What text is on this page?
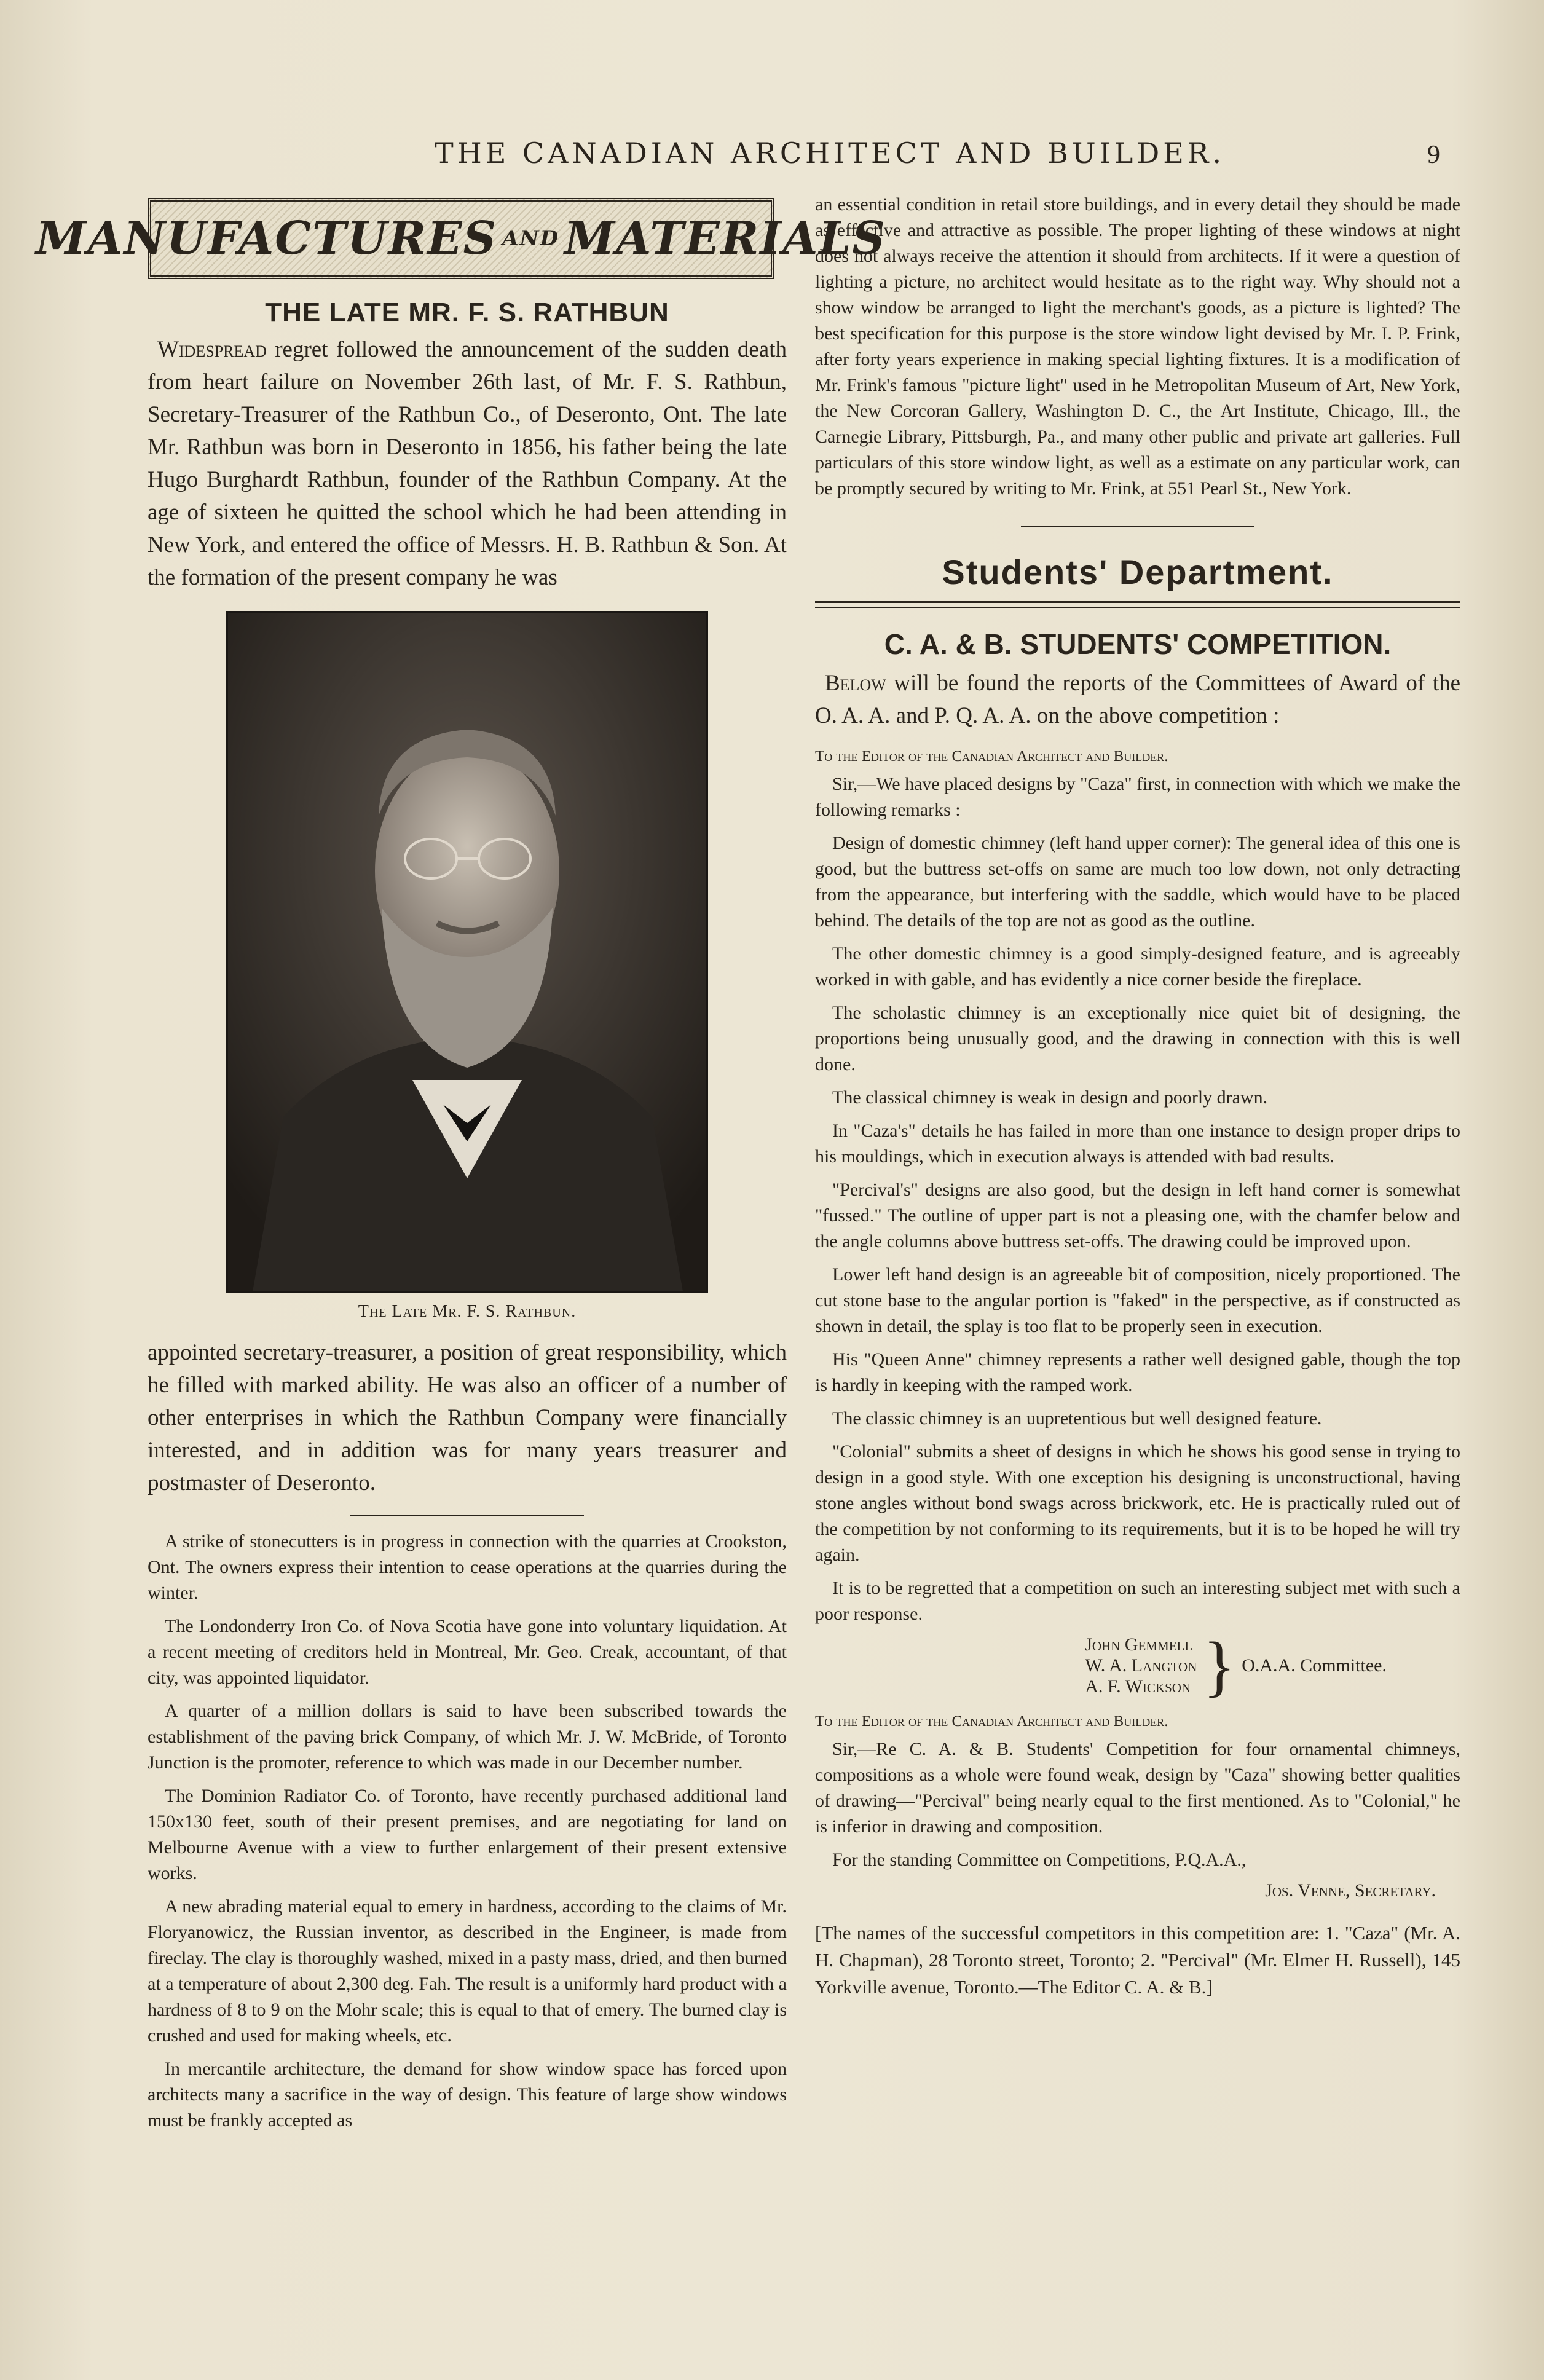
THE CANADIAN ARCHITECT AND BUILDER.	9
MANUFACTURES AND MATERIALS
THE LATE MR. F. S. RATHBUN

Widespread regret followed the announcement of the sudden death from heart failure on November 26th last, of Mr. F. S. Rathbun, Secretary-Treasurer of the Rathbun Co., of Deseronto, Ont. The late Mr. Rathbun was born in Deseronto in 1856, his father being the late Hugo Burghardt Rathbun, founder of the Rathbun Company. At the age of sixteen he quitted the school which he had been attending in New York, and entered the office of Messrs. H. B. Rathbun & Son. At the formation of the present company he was

The Late Mr. F. S. Rathbun.

appointed secretary-treasurer, a position of great responsibility, which he filled with marked ability. He was also an officer of a number of other enterprises in which the Rathbun Company were financially interested, and in addition was for many years treasurer and postmaster of Deseronto.

A strike of stonecutters is in progress in connection with the quarries at Crookston, Ont. The owners express their intention to cease operations at the quarries during the winter.

The Londonderry Iron Co. of Nova Scotia have gone into voluntary liquidation. At a recent meeting of creditors held in Montreal, Mr. Geo. Creak, accountant, of that city, was appointed liquidator.

A quarter of a million dollars is said to have been subscribed towards the establishment of the paving brick Company, of which Mr. J. W. McBride, of Toronto Junction is the promoter, reference to which was made in our December number.

The Dominion Radiator Co. of Toronto, have recently purchased additional land 150x130 feet, south of their present premises, and are negotiating for land on Melbourne Avenue with a view to further enlargement of their present extensive works.

A new abrading material equal to emery in hardness, according to the claims of Mr. Floryanowicz, the Russian inventor, as described in the Engineer, is made from fireclay. The clay is thoroughly washed, mixed in a pasty mass, dried, and then burned at a temperature of about 2,300 deg. Fah. The result is a uniformly hard product with a hardness of 8 to 9 on the Mohr scale; this is equal to that of emery. The burned clay is crushed and used for making wheels, etc.

In mercantile architecture, the demand for show window space has forced upon architects many a sacrifice in the way of design. This feature of large show windows must be frankly accepted as

an essential condition in retail store buildings, and in every detail they should be made as effective and attractive as possible. The proper lighting of these windows at night does not always receive the attention it should from architects. If it were a question of lighting a picture, no architect would hesitate as to the right way. Why should not a show window be arranged to light the merchant's goods, as a picture is lighted? The best specification for this purpose is the store window light devised by Mr. I. P. Frink, after forty years experience in making special lighting fixtures. It is a modification of Mr. Frink's famous "picture light" used in he Metropolitan Museum of Art, New York, the New Corcoran Gallery, Washington D. C., the Art Institute, Chicago, Ill., the Carnegie Library, Pittsburgh, Pa., and many other public and private art galleries. Full particulars of this store window light, as well as a estimate on any particular work, can be promptly secured by writing to Mr. Frink, at 551 Pearl St., New York.

Students' Department.
C. A. & B. STUDENTS' COMPETITION.

Below will be found the reports of the Committees of Award of the O. A. A. and P. Q. A. A. on the above competition :

To the Editor of the Canadian Architect and Builder.

Sir,—We have placed designs by "Caza" first, in connection with which we make the following remarks :

Design of domestic chimney (left hand upper corner): The general idea of this one is good, but the buttress set-offs on same are much too low down, not only detracting from the appearance, but interfering with the saddle, which would have to be placed behind. The details of the top are not as good as the outline.

The other domestic chimney is a good simply-designed feature, and is agreeably worked in with gable, and has evidently a nice corner beside the fireplace.

The scholastic chimney is an exceptionally nice quiet bit of designing, the proportions being unusually good, and the drawing in connection with this is well done.

The classical chimney is weak in design and poorly drawn.

In "Caza's" details he has failed in more than one instance to design proper drips to his mouldings, which in execution always is attended with bad results.

"Percival's" designs are also good, but the design in left hand corner is somewhat "fussed." The outline of upper part is not a pleasing one, with the chamfer below and the angle columns above buttress set-offs. The drawing could be improved upon.

Lower left hand design is an agreeable bit of composition, nicely proportioned. The cut stone base to the angular portion is "faked" in the perspective, as if constructed as shown in detail, the splay is too flat to be properly seen in execution.

His "Queen Anne" chimney represents a rather well designed gable, though the top is hardly in keeping with the ramped work.

The classic chimney is an uupretentious but well designed feature.

"Colonial" submits a sheet of designs in which he shows his good sense in trying to design in a good style. With one exception his designing is unconstructional, having stone angles without bond swags across brickwork, etc. He is practically ruled out of the competition by not conforming to its requirements, but it is to be hoped he will try again.

It is to be regretted that a competition on such an interesting subject met with such a poor response.

John Gemmell
W. A. Langton
A. F. Wickson } O.A.A. Committee.
To the Editor of the Canadian Architect and Builder.

Sir,—Re C. A. & B. Students' Competition for four ornamental chimneys, compositions as a whole were found weak, design by "Caza" showing better qualities of drawing—"Percival" being nearly equal to the first mentioned. As to "Colonial," he is inferior in drawing and composition.

For the standing Committee on Competitions, P.Q.A.A.,

Jos. Venne, Secretary.
[The names of the successful competitors in this competition are: 1. "Caza" (Mr. A. H. Chapman), 28 Toronto street, Toronto; 2. "Percival" (Mr. Elmer H. Russell), 145 Yorkville avenue, Toronto.—The Editor C. A. & B.]
